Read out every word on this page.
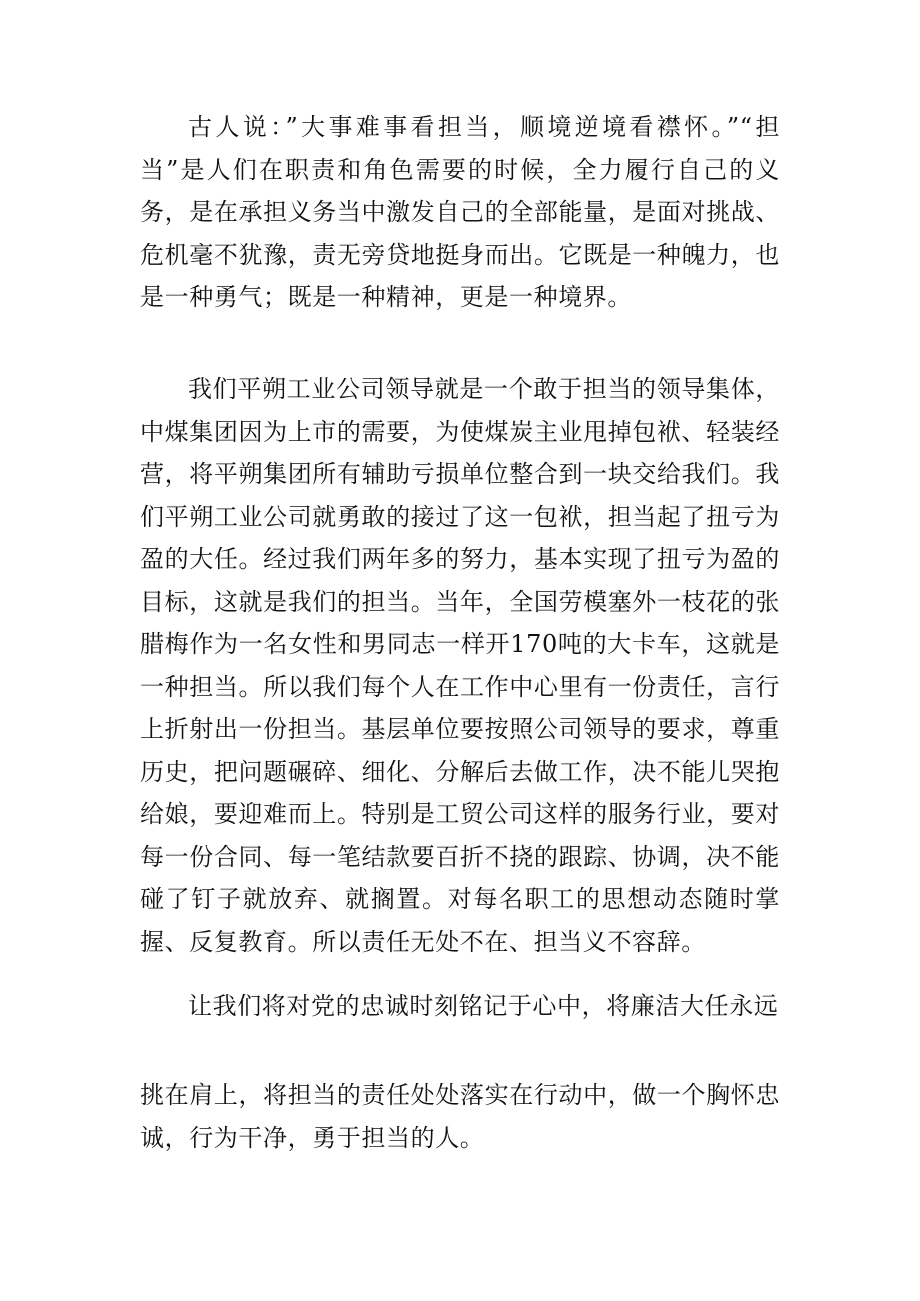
古人说：”大事难事看担当，顺境逆境看襟怀。”“担当”是人们在职责和角色需要的时候，全力履行自己的义务，是在承担义务当中激发自己的全部能量，是面对挑战、危机毫不犹豫，责无旁贷地挺身而出。它既是一种魄力，也是一种勇气；既是一种精神，更是一种境界。

我们平朔工业公司领导就是一个敢于担当的领导集体，中煤集团因为上市的需要，为使煤炭主业甩掉包袱、轻装经营，将平朔集团所有辅助亏损单位整合到一块交给我们。我们平朔工业公司就勇敢的接过了这一包袱，担当起了扭亏为盈的大任。经过我们两年多的努力，基本实现了扭亏为盈的目标，这就是我们的担当。当年，全国劳模塞外一枝花的张腊梅作为一名女性和男同志一样开170吨的大卡车，这就是一种担当。所以我们每个人在工作中心里有一份责任，言行上折射出一份担当。基层单位要按照公司领导的要求，尊重历史，把问题碾碎、细化、分解后去做工作，决不能儿哭抱给娘，要迎难而上。特别是工贸公司这样的服务行业，要对每一份合同、每一笔结款要百折不挠的跟踪、协调，决不能碰了钉子就放弃、就搁置。对每名职工的思想动态随时掌握、反复教育。所以责任无处不在、担当义不容辞。

让我们将对党的忠诚时刻铭记于心中，将廉洁大任永远

挑在肩上，将担当的责任处处落实在行动中，做一个胸怀忠诚，行为干净，勇于担当的人。
